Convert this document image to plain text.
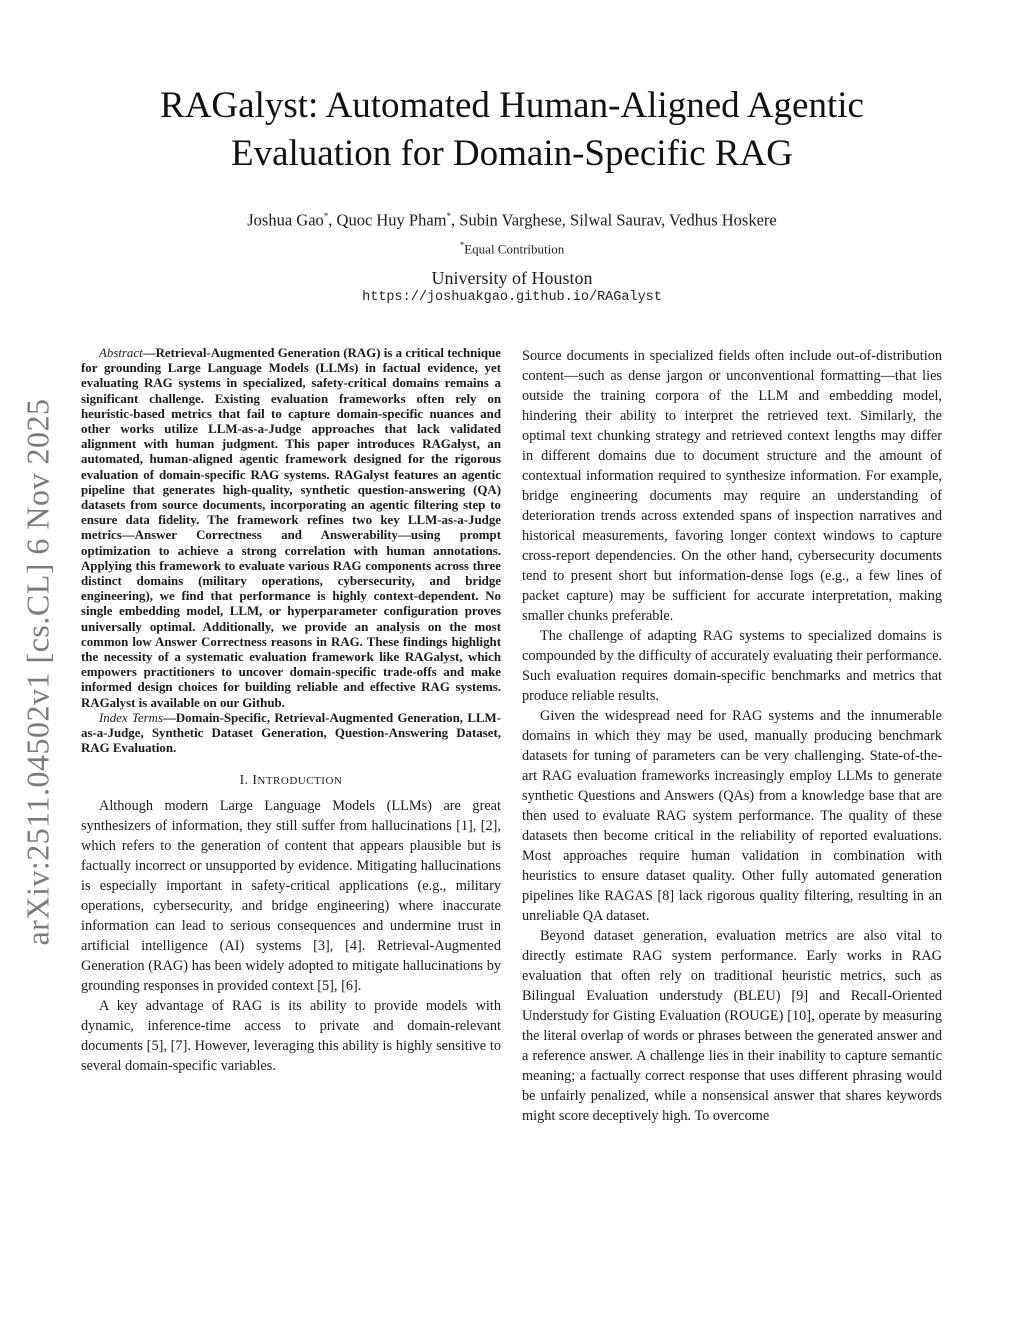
arXiv:2511.04502v1 [cs.CL] 6 Nov 2025
RAGalyst: Automated Human-Aligned Agentic
Evaluation for Domain-Specific RAG
Joshua Gao*, Quoc Huy Pham*, Subin Varghese, Silwal Saurav, Vedhus Hoskere
*Equal Contribution
University of Houston
https://joshuakgao.github.io/RAGalyst

Abstract—Retrieval-Augmented Generation (RAG) is a critical technique for grounding Large Language Models (LLMs) in factual evidence, yet evaluating RAG systems in specialized, safety-critical domains remains a significant challenge. Existing evaluation frameworks often rely on heuristic-based metrics that fail to capture domain-specific nuances and other works utilize LLM-as-a-Judge approaches that lack validated alignment with human judgment. This paper introduces RAGalyst, an automated, human-aligned agentic framework designed for the rigorous evaluation of domain-specific RAG systems. RAGalyst features an agentic pipeline that generates high-quality, synthetic question-answering (QA) datasets from source documents, incorporating an agentic filtering step to ensure data fidelity. The framework refines two key LLM-as-a-Judge metrics—Answer Correctness and Answerability—using prompt optimization to achieve a strong correlation with human annotations. Applying this framework to evaluate various RAG components across three distinct domains (military operations, cybersecurity, and bridge engineering), we find that performance is highly context-dependent. No single embedding model, LLM, or hyperparameter configuration proves universally optimal. Additionally, we provide an analysis on the most common low Answer Correctness reasons in RAG. These findings highlight the necessity of a systematic evaluation framework like RAGalyst, which empowers practitioners to uncover domain-specific trade-offs and make informed design choices for building reliable and effective RAG systems. RAGalyst is available on our Github.

Index Terms—Domain-Specific, Retrieval-Augmented Generation, LLM-as-a-Judge, Synthetic Dataset Generation, Question-Answering Dataset, RAG Evaluation.

I. INTRODUCTION

Although modern Large Language Models (LLMs) are great synthesizers of information, they still suffer from hallucinations [1], [2], which refers to the generation of content that appears plausible but is factually incorrect or unsupported by evidence. Mitigating hallucinations is especially important in safety-critical applications (e.g., military operations, cybersecurity, and bridge engineering) where inaccurate information can lead to serious consequences and undermine trust in artificial intelligence (AI) systems [3], [4]. Retrieval-Augmented Generation (RAG) has been widely adopted to mitigate hallucinations by grounding responses in provided context [5], [6].

A key advantage of RAG is its ability to provide models with dynamic, inference-time access to private and domain-relevant documents [5], [7]. However, leveraging this ability is highly sensitive to several domain-specific variables.

Source documents in specialized fields often include out-of-distribution content—such as dense jargon or unconventional formatting—that lies outside the training corpora of the LLM and embedding model, hindering their ability to interpret the retrieved text. Similarly, the optimal text chunking strategy and retrieved context lengths may differ in different domains due to document structure and the amount of contextual information required to synthesize information. For example, bridge engineering documents may require an understanding of deterioration trends across extended spans of inspection narratives and historical measurements, favoring longer context windows to capture cross-report dependencies. On the other hand, cybersecurity documents tend to present short but information-dense logs (e.g., a few lines of packet capture) may be sufficient for accurate interpretation, making smaller chunks preferable.

The challenge of adapting RAG systems to specialized domains is compounded by the difficulty of accurately evaluating their performance. Such evaluation requires domain-specific benchmarks and metrics that produce reliable results.

Given the widespread need for RAG systems and the innumerable domains in which they may be used, manually producing benchmark datasets for tuning of parameters can be very challenging. State-of-the-art RAG evaluation frameworks increasingly employ LLMs to generate synthetic Questions and Answers (QAs) from a knowledge base that are then used to evaluate RAG system performance. The quality of these datasets then become critical in the reliability of reported evaluations. Most approaches require human validation in combination with heuristics to ensure dataset quality. Other fully automated generation pipelines like RAGAS [8] lack rigorous quality filtering, resulting in an unreliable QA dataset.

Beyond dataset generation, evaluation metrics are also vital to directly estimate RAG system performance. Early works in RAG evaluation that often rely on traditional heuristic metrics, such as Bilingual Evaluation understudy (BLEU) [9] and Recall-Oriented Understudy for Gisting Evaluation (ROUGE) [10], operate by measuring the literal overlap of words or phrases between the generated answer and a reference answer. A challenge lies in their inability to capture semantic meaning; a factually correct response that uses different phrasing would be unfairly penalized, while a nonsensical answer that shares keywords might score deceptively high. To overcome
